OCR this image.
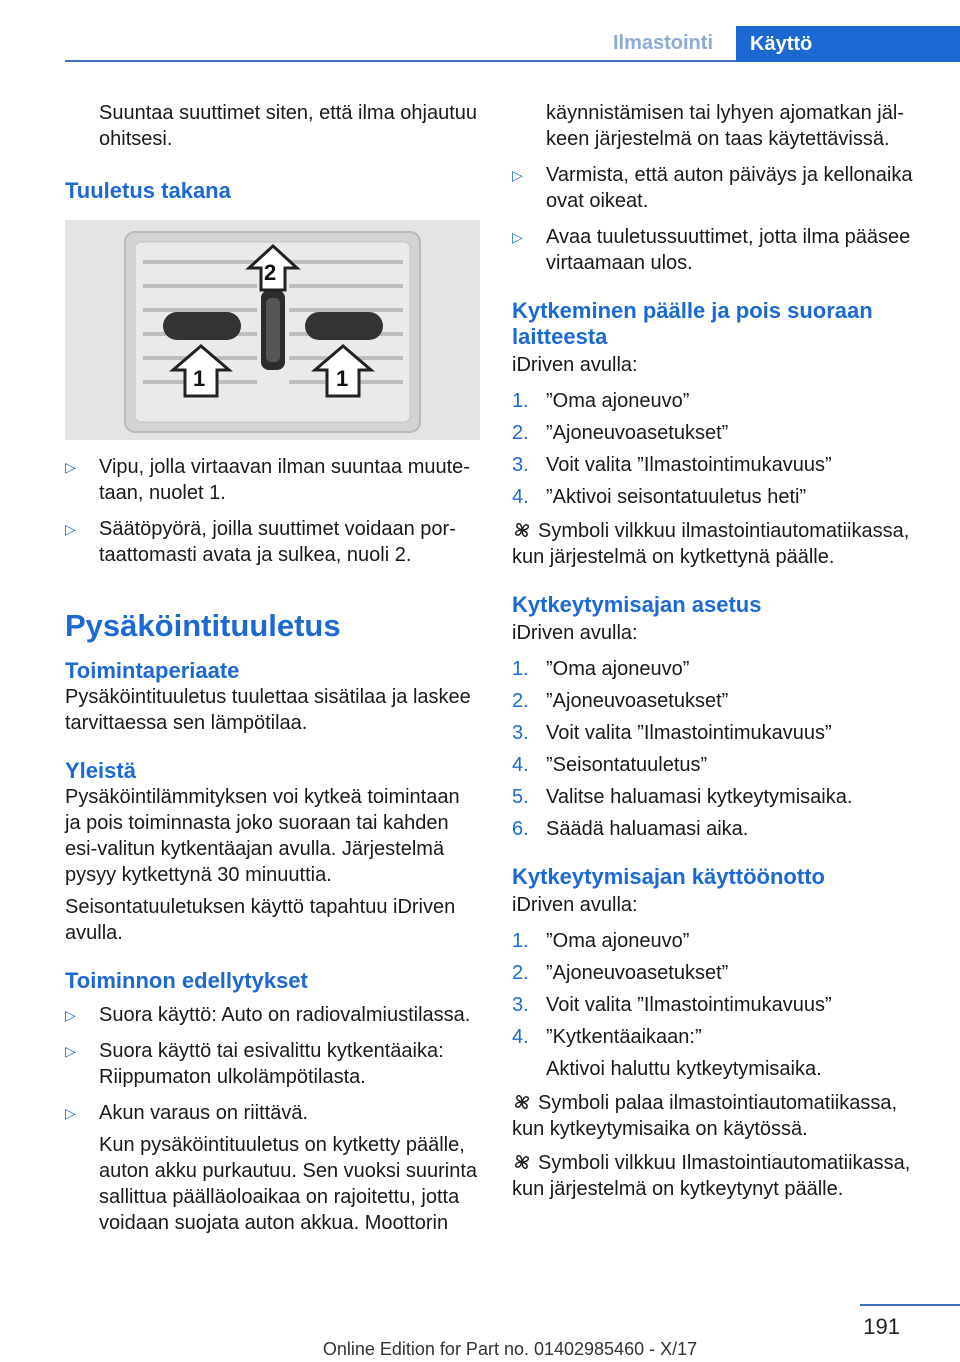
Ilmastointi	Käyttö

Suuntaa suuttimet siten, että ilma ohjautuu ohitsesi.

Tuuletus takana
1
2
1
▷ Vipu, jolla virtaavan ilman suuntaa muute-taan, nuolet 1.
▷ Säätöpyörä, joilla suuttimet voidaan por-taattomasti avata ja sulkea, nuoli 2.
Pysäköintituuletus
Toimintaperiaate

Pysäköintituuletus tuulettaa sisätilaa ja laskee tarvittaessa sen lämpötilaa.

Yleistä

Pysäköintilämmityksen voi kytkeä toimintaan ja pois toiminnasta joko suoraan tai kahden esi-valitun kytkentäajan avulla. Järjestelmä pysyy kytkettynä 30 minuuttia.

Seisontatuuletuksen käyttö tapahtuu iDriven avulla.

Toiminnon edellytykset
▷ Suora käyttö: Auto on radiovalmiustilassa.
▷ Suora käyttö tai esivalittu kytkentäaika: Riippumaton ulkolämpötilasta.
▷ Akun varaus on riittävä.

Kun pysäköintituuletus on kytketty päälle, auton akku purkautuu. Sen vuoksi suurinta sallittua päälläoloaikaa on rajoitettu, jotta voidaan suojata auton akkua. Moottorin

käynnistämisen tai lyhyen ajomatkan jäl-keen järjestelmä on taas käytettävissä.

▷ Varmista, että auton päiväys ja kellonaika ovat oikeat.
▷ Avaa tuuletussuuttimet, jotta ilma pääsee virtaamaan ulos.
Kytkeminen päälle ja pois suoraan laitteesta

iDriven avulla:

1. ”Oma ajoneuvo”
2. ”Ajoneuvoasetukset”
3. Voit valita ”Ilmastointimukavuus”
4. ”Aktivoi seisontatuuletus heti”

Symboli vilkkuu ilmastointiautomatiikassa, kun järjestelmä on kytkettynä päälle.

Kytkeytymisajan asetus

iDriven avulla:

1. ”Oma ajoneuvo”
2. ”Ajoneuvoasetukset”
3. Voit valita ”Ilmastointimukavuus”
4. ”Seisontatuuletus”
5. Valitse haluamasi kytkeytymisaika.
6. Säädä haluamasi aika.
Kytkeytymisajan käyttöönotto

iDriven avulla:

1. ”Oma ajoneuvo”
2. ”Ajoneuvoasetukset”
3. Voit valita ”Ilmastointimukavuus”
4. ”Kytkentäaikaan:”

Aktivoi haluttu kytkeytymisaika.

Symboli palaa ilmastointiautomatiikassa, kun kytkeytymisaika on käytössä.

Symboli vilkkuu Ilmastointiautomatiikassa, kun järjestelmä on kytkeytynyt päälle.

191
Online Edition for Part no. 01402985460 - X/17
